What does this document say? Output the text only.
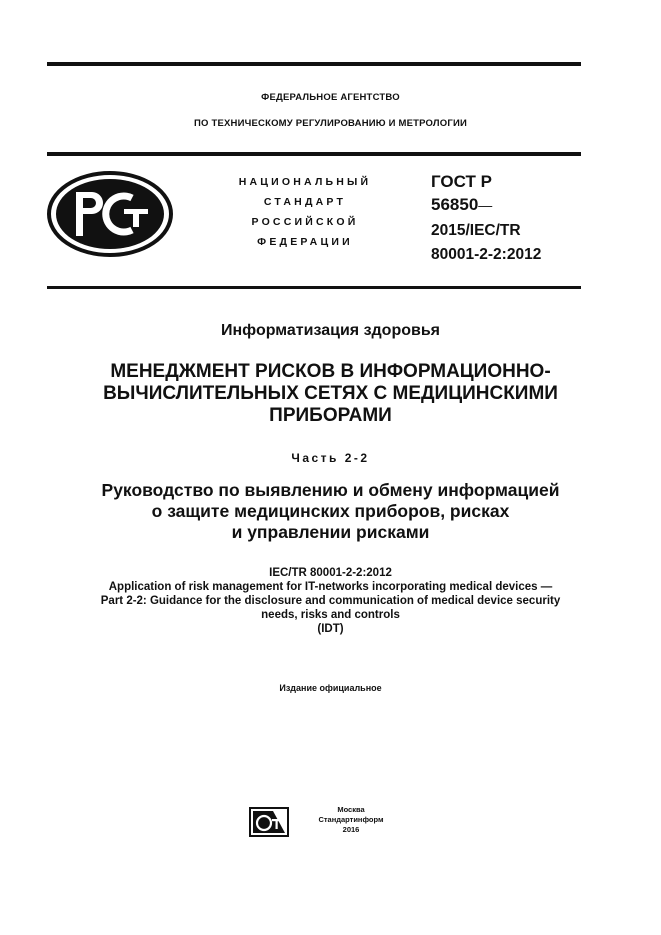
ФЕДЕРАЛЬНОЕ АГЕНТСТВО
ПО ТЕХНИЧЕСКОМУ РЕГУЛИРОВАНИЮ И МЕТРОЛОГИИ
НАЦИОНАЛЬНЫЙ
СТАНДАРТ
РОССИЙСКОЙ
ФЕДЕРАЦИИ
ГОСТ Р
56850—
2015/IEC/TR
80001-2-2:2012
Информатизация здоровья
МЕНЕДЖМЕНТ РИСКОВ В ИНФОРМАЦИОННО-
ВЫЧИСЛИТЕЛЬНЫХ СЕТЯХ С МЕДИЦИНСКИМИ
ПРИБОРАМИ
Часть 2-2
Руководство по выявлению и обмену информацией
о защите медицинских приборов, рисках
и управлении рисками
IEC/TR 80001-2-2:2012
Application of risk management for IT-networks incorporating medical devices —
Part 2-2: Guidance for the disclosure and communication of medical device security
needs, risks and controls
(IDT)
Издание официальное
Москва
Стандартинформ
2016
